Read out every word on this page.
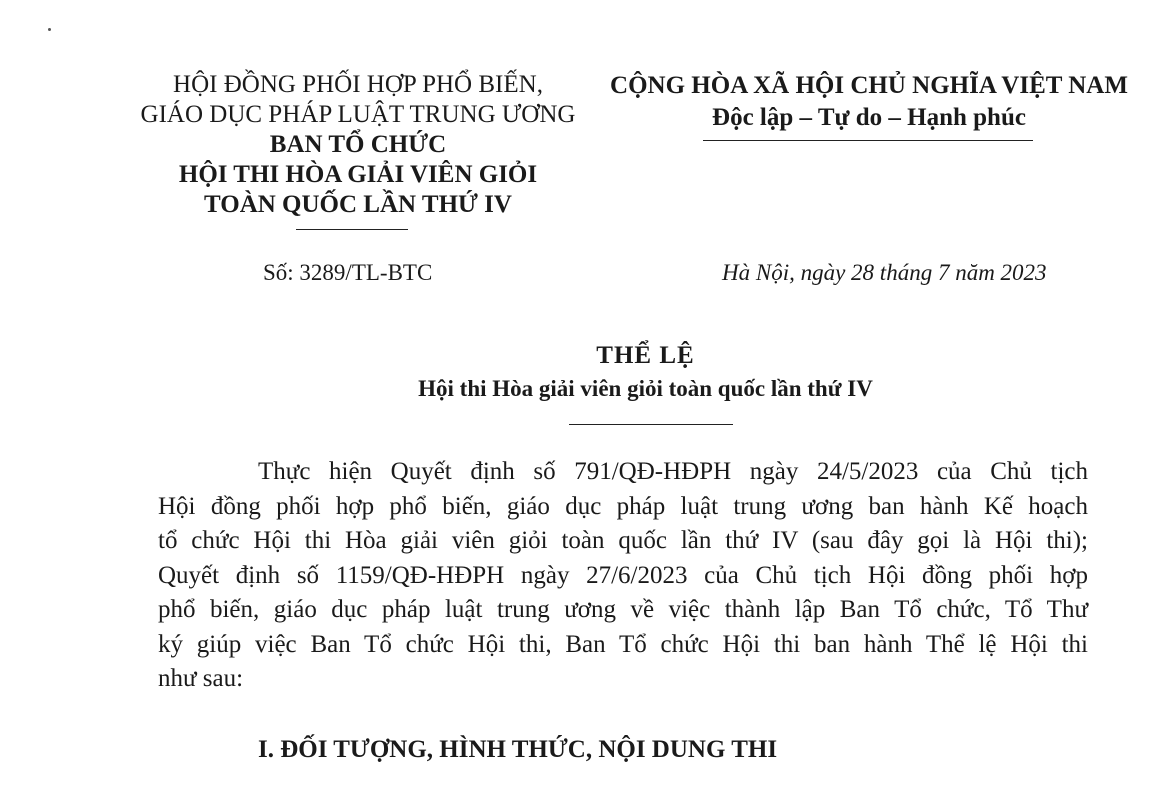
HỘI ĐỒNG PHỐI HỢP PHỔ BIẾN,
GIÁO DỤC PHÁP LUẬT TRUNG ƯƠNG
BAN TỔ CHỨC
HỘI THI HÒA GIẢI VIÊN GIỎI
TOÀN QUỐC LẦN THỨ IV
CỘNG HÒA XÃ HỘI CHỦ NGHĨA VIỆT NAM
Độc lập – Tự do – Hạnh phúc
Số: 3289/TL-BTC	Hà Nội, ngày 28 tháng 7 năm 2023
THỂ LỆ
Hội thi Hòa giải viên giỏi toàn quốc lần thứ IV
Thực hiện Quyết định số 791/QĐ-HĐPH ngày 24/5/2023 của Chủ tịch
Hội đồng phối hợp phổ biến, giáo dục pháp luật trung ương ban hành Kế hoạch
tổ chức Hội thi Hòa giải viên giỏi toàn quốc lần thứ IV (sau đây gọi là Hội thi);
Quyết định số 1159/QĐ-HĐPH ngày 27/6/2023 của Chủ tịch Hội đồng phối hợp
phổ biến, giáo dục pháp luật trung ương về việc thành lập Ban Tổ chức, Tổ Thư
ký giúp việc Ban Tổ chức Hội thi, Ban Tổ chức Hội thi ban hành Thể lệ Hội thi
như sau:
I. ĐỐI TƯỢNG, HÌNH THỨC, NỘI DUNG THI
